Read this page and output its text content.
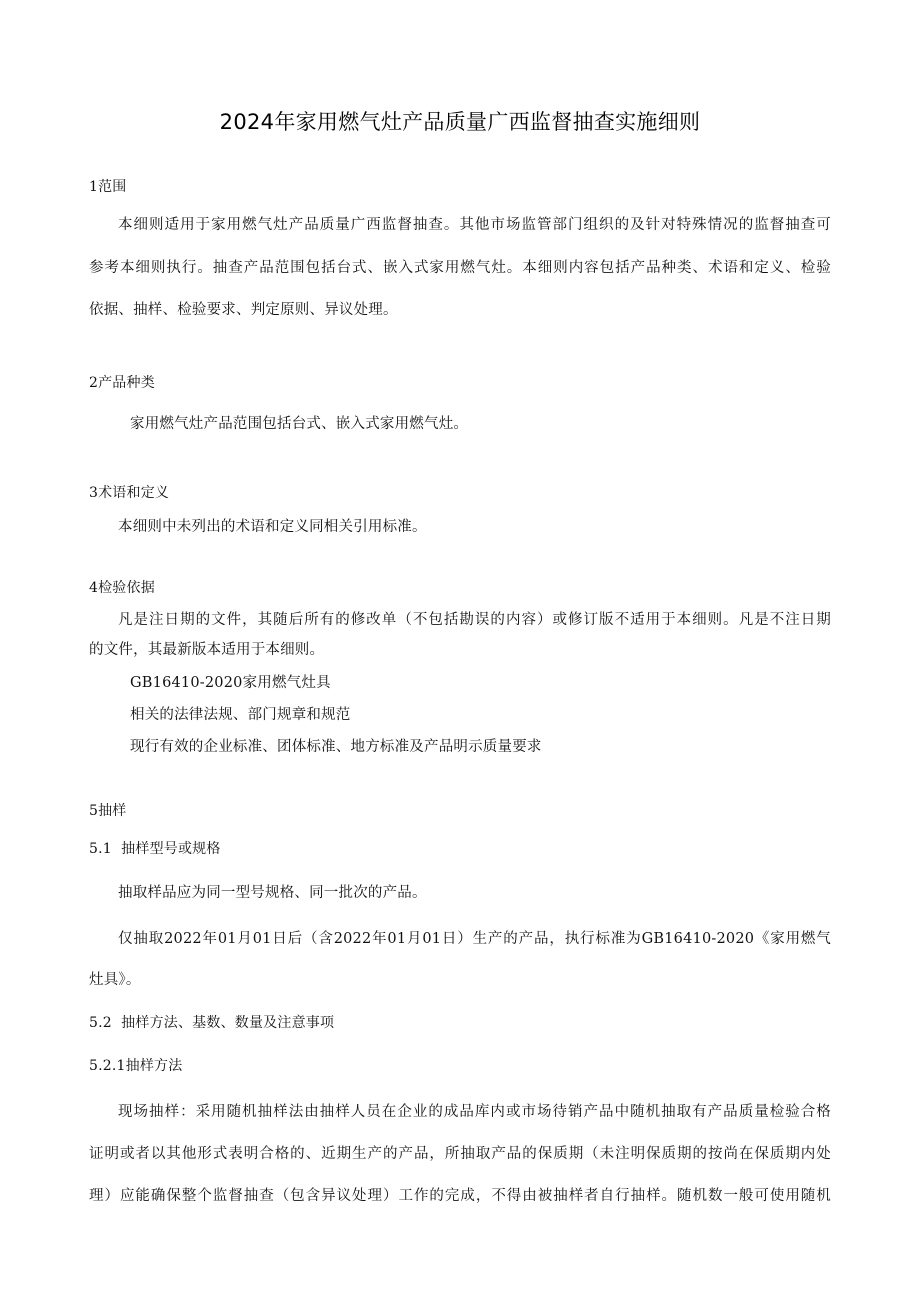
2024年家用燃气灶产品质量广西监督抽查实施细则
1范围
本细则适用于家用燃气灶产品质量广西监督抽查。其他市场监管部门组织的及针对特殊情况的监督抽查可
参考本细则执行。抽查产品范围包括台式、嵌入式家用燃气灶。本细则内容包括产品种类、术语和定义、检验
依据、抽样、检验要求、判定原则、异议处理。
2产品种类
家用燃气灶产品范围包括台式、嵌入式家用燃气灶。
3术语和定义
本细则中未列出的术语和定义同相关引用标准。
4检验依据
凡是注日期的文件，其随后所有的修改单（不包括勘误的内容）或修订版不适用于本细则。凡是不注日期
的文件，其最新版本适用于本细则。
GB16410-2020家用燃气灶具
相关的法律法规、部门规章和规范
现行有效的企业标准、团体标准、地方标准及产品明示质量要求
5抽样
5.1  抽样型号或规格
抽取样品应为同一型号规格、同一批次的产品。
仅抽取2022年01月01日后（含2022年01月01日）生产的产品，执行标准为GB16410-2020《家用燃气
灶具》。
5.2  抽样方法、基数、数量及注意事项
5.2.1抽样方法
现场抽样：采用随机抽样法由抽样人员在企业的成品库内或市场待销产品中随机抽取有产品质量检验合格
证明或者以其他形式表明合格的、近期生产的产品，所抽取产品的保质期（未注明保质期的按尚在保质期内处
理）应能确保整个监督抽查（包含异议处理）工作的完成，不得由被抽样者自行抽样。随机数一般可使用随机
